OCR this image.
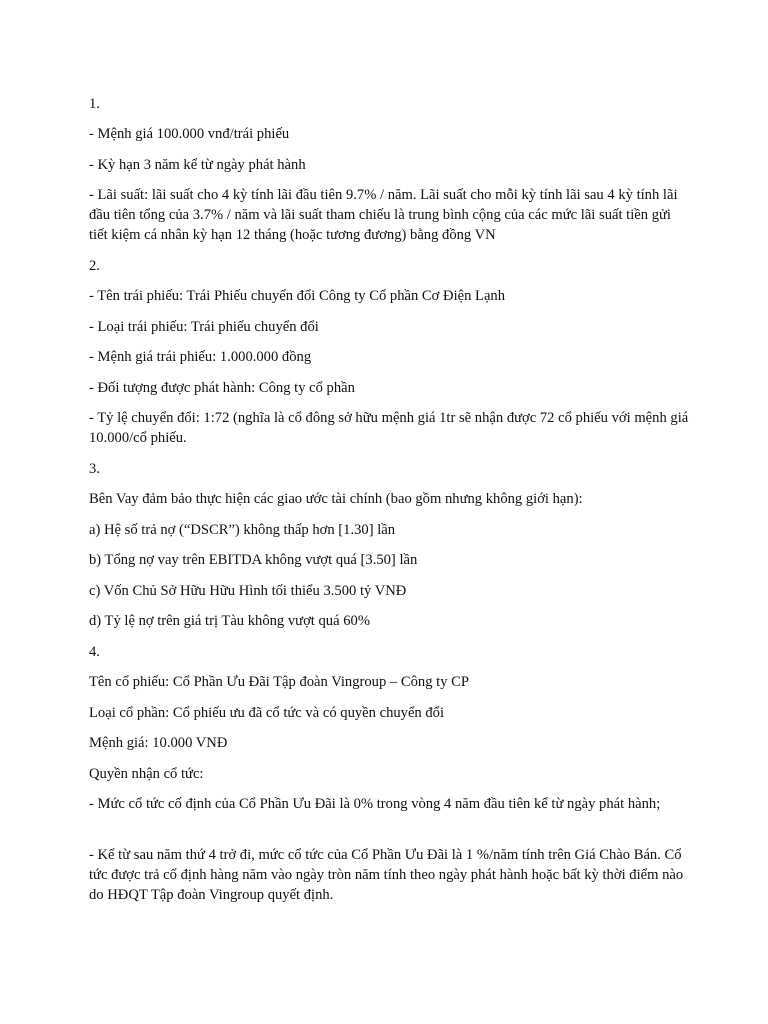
1.

- Mệnh giá 100.000 vnđ/trái phiếu

- Kỳ hạn 3 năm kể từ ngày phát hành

- Lãi suất: lãi suất cho 4 kỳ tính lãi đầu tiên 9.7% / năm. Lãi suất cho mỗi kỳ tính lãi sau 4 kỳ tính lãi đầu tiên tổng của 3.7% / năm và lãi suất tham chiếu là trung bình cộng của các mức lãi suất tiền gửi tiết kiệm cá nhân kỳ hạn 12 tháng (hoặc tương đương) bằng đồng VN

2.

- Tên trái phiếu: Trái Phiếu chuyển đổi Công ty Cổ phần Cơ Điện Lạnh

- Loại trái phiếu: Trái phiếu chuyển đổi

- Mệnh giá trái phiếu: 1.000.000 đồng

- Đối tượng được phát hành: Công ty cổ phần

- Tỷ lệ chuyển đổi: 1:72 (nghĩa là cổ đông sở hữu mệnh giá 1tr sẽ nhận được 72 cổ phiếu với mệnh giá 10.000/cổ phiếu.

3.

Bên Vay đảm bảo thực hiện các giao ước tài chính (bao gồm nhưng không giới hạn):

a) Hệ số trả nợ (“DSCR”) không thấp hơn [1.30] lần

b) Tổng nợ vay trên EBITDA không vượt quá [3.50] lần

c) Vốn Chủ Sở Hữu Hữu Hình tối thiểu 3.500 tỷ VNĐ

d) Tỷ lệ nợ trên giá trị Tàu không vượt quá 60%

4.

Tên cổ phiếu: Cổ Phần Ưu Đãi Tập đoàn Vingroup – Công ty CP

Loại cổ phần: Cổ phiếu ưu đã cổ tức và có quyền chuyển đổi

Mệnh giá: 10.000 VNĐ

Quyền nhận cổ tức:

- Mức cổ tức cố định của Cổ Phần Ưu Đãi là 0% trong vòng 4 năm đầu tiên kể từ ngày phát hành;

- Kể từ sau năm thứ 4 trở đi, mức cổ tức của Cổ Phần Ưu Đãi là 1 %/năm tính trên Giá Chào Bán. Cổ tức được trả cố định hàng năm vào ngày tròn năm tính theo ngày phát hành hoặc bất kỳ thời điểm nào do HĐQT Tập đoàn Vingroup quyết định.
